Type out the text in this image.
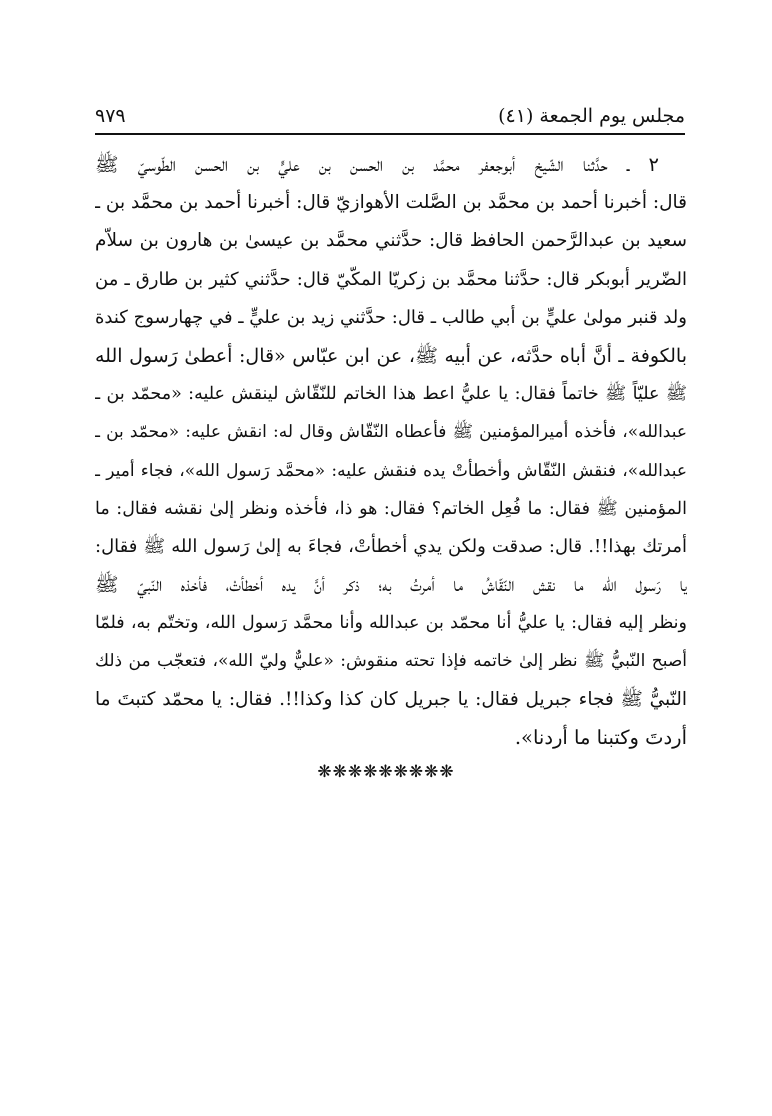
مجلس يوم الجمعة (٤١)
٩٧٩
٢ ـ حدَّثنا الشّيخ أبوجعفر محمَّد بن الحسن بن عليٍّ بن الحسن الطّوسيّ ﷺ
قال: أخبرنا أحمد بن محمَّد بن الصَّلت الأهوازيّ قال: أخبرنا أحمد بن محمَّد بن ـ
سعيد بن عبدالرَّحمن الحافظ قال: حدَّثني محمَّد بن عيسىٰ بن هارون بن سلاّم
الضّرير أبوبكر قال: حدَّثنا محمَّد بن زكريّا المكّيّ قال: حدَّثني كثير بن طارق ـ من
ولد قنبر مولىٰ عليٍّ بن أبي طالب ـ قال: حدَّثني زيد بن عليٍّ ـ في چهارسوج كندة
بالكوفة ـ أنَّ أباه حدَّثه، عن أبيه ﷺ، عن ابن عبّاس «قال: أعطىٰ رَسول الله
ﷺ عليّاً ﷺ خاتماً فقال: يا عليُّ اعط هذا الخاتم للنّقّاش لينقش عليه: «محمّد بن ـ
عبدالله»، فأخذه أميرالمؤمنين ﷺ فأعطاه النّقّاش وقال له: انقش عليه: «محمّد بن ـ
عبدالله»، فنقش النّقّاش وأخطأتْ يده فنقش عليه: «محمَّد رَسول الله»، فجاء أمير ـ
المؤمنين ﷺ فقال: ما فُعِل الخاتم؟ فقال: هو ذا، فأخذه ونظر إلىٰ نقشه فقال: ما
أمرتك بهذا!!. قال: صدقت ولكن يدي أخطأتْ، فجاءَ به إلىٰ رَسول الله ﷺ فقال:
يا رَسول الله ما نقش النّقّاشُ ما أمرتُ به؛ ذكر أنَّ يده أخطأتْ، فأخذه النّبيّ ﷺ
ونظر إليه فقال: يا عليُّ أنا محمّد بن عبدالله وأنا محمَّد رَسول الله، وتختّم به، فلمّا
أصبح النّبيُّ ﷺ نظر إلىٰ خاتمه فإذا تحته منقوش: «عليٌّ وليّ الله»، فتعجّب من ذلك
النّبيُّ ﷺ فجاء جبريل فقال: يا جبريل كان كذا وكذا!!. فقال: يا محمّد كتبتَ ما
أردتَ وكتبنا ما أردنا».
❋❋❋❋❋❋❋❋❋
